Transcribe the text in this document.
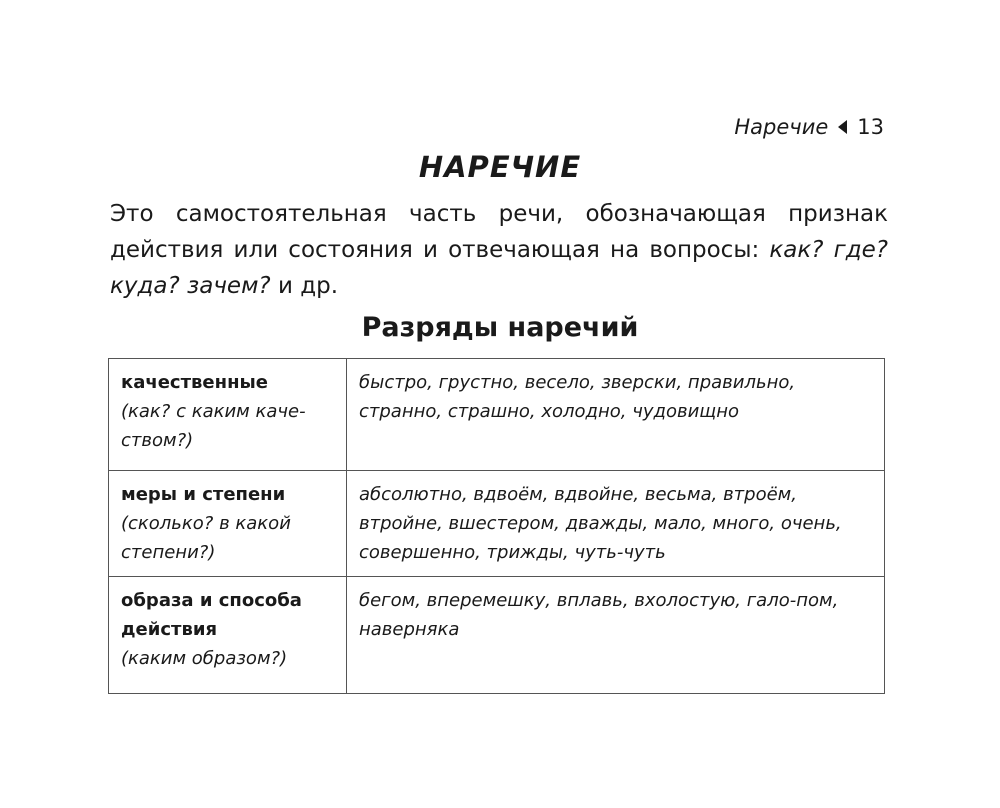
Наречие 13
НАРЕЧИЕ
Это самостоятельная часть речи, обозначающая признак действия или состояния и отвечающая на вопросы: как? где? куда? зачем? и др.
Разряды наречий
качественные
(как? с каким каче-ством?)	быстро, грустно, весело, зверски, правильно, странно, страшно, холодно, чудовищно

меры и степени
(сколько? в какой степени?)	абсолютно, вдвоём, вдвойне, весьма, втроём, втройне, вшестером, дважды, мало, много, очень, совершенно, трижды, чуть-чуть

образа и способа действия
(каким образом?)	бегом, вперемешку, вплавь, вхолостую, гало-пом, наверняка
